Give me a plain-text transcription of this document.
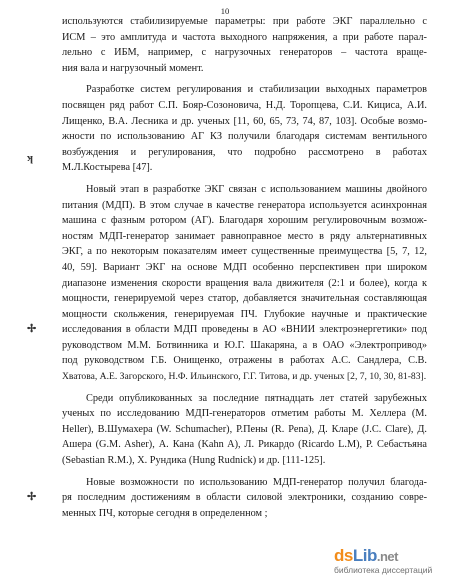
10
используются стабилизируемые параметры: при работе ЭКГ параллельно с
ИСМ – это амплитуда и частота выходного напряжения, а при работе парал-
лельно с ИБМ, например, с нагрузочных генераторов – частота враще-
ния вала и нагрузочный момент.
Разработке систем регулирования и стабилизации выходных параметров
посвящен ряд работ С.П. Бояр-Созоновича, Н.Д. Торопцева, С.И. Кициса, А.И.
Лищенко, В.А. Лесника и др. ученых [11, 60, 65, 73, 74, 87, 103]. Особые возмо-
жности по использованию АГ КЗ получили благодаря системам вентильного
возбуждения и регулирования, что подробно рассмотрено в работах
М.Л.Костырева [47].
Новый этап в разработке ЭКГ связан с использованием машины двойного
питания (МДП). В этом случае в качестве генератора используется асинхронная
машина с фазным ротором (АГ). Благодаря хорошим регулировочным возмож-
ностям МДП-генератор занимает равноправное место в ряду альтернативных
ЭКГ, а по некоторым показателям имеет существенные преимущества [5, 7, 12,
40, 59]. Вариант ЭКГ на основе МДП особенно перспективен при широком
диапазоне изменения скорости вращения вала движителя (2:1 и более), когда к
мощности, генерируемой через статор, добавляется значительная составляющая
мощности скольжения, генерируемая ПЧ. Глубокие научные и практические
исследования в области МДП проведены в АО «ВНИИ электроэнергетики» под
руководством М.М. Ботвинника и Ю.Г. Шакаряна, а в ОАО «Электропривод»
под руководством Г.Б. Онищенко, отражены в работах А.С. Сандлера, С.В.
Хватова, А.Е. Загорского, Н.Ф. Ильинского, Г.Г. Титова, и др. ученых [2, 7, 10, 30, 81-83].
Среди опубликованных за последние пятнадцать лет статей зарубежных
ученых по исследованию МДП-генераторов отметим работы М. Хеллера (M.
Heller), В.Шумахера (W. Schumacher), Р.Пены (R. Pena), Д. Кларе (J.C. Clare), Д.
Ашера (G.M. Asher), А. Кана (Kahn A), Л. Рикардо (Ricardo L.M), Р. Себастьяна
(Sebastian R.M.), Х. Рундика (Hung Rudnick) и др. [111-125].
Новые возможности по использованию МДП-генератор получил благода-
ря последним достижениям в области силовой электроники, созданию совре-
менных ПЧ, которые сегодня в определенном ;
ʞ
✢
✢
dsLib.net
библиотека диссертаций
